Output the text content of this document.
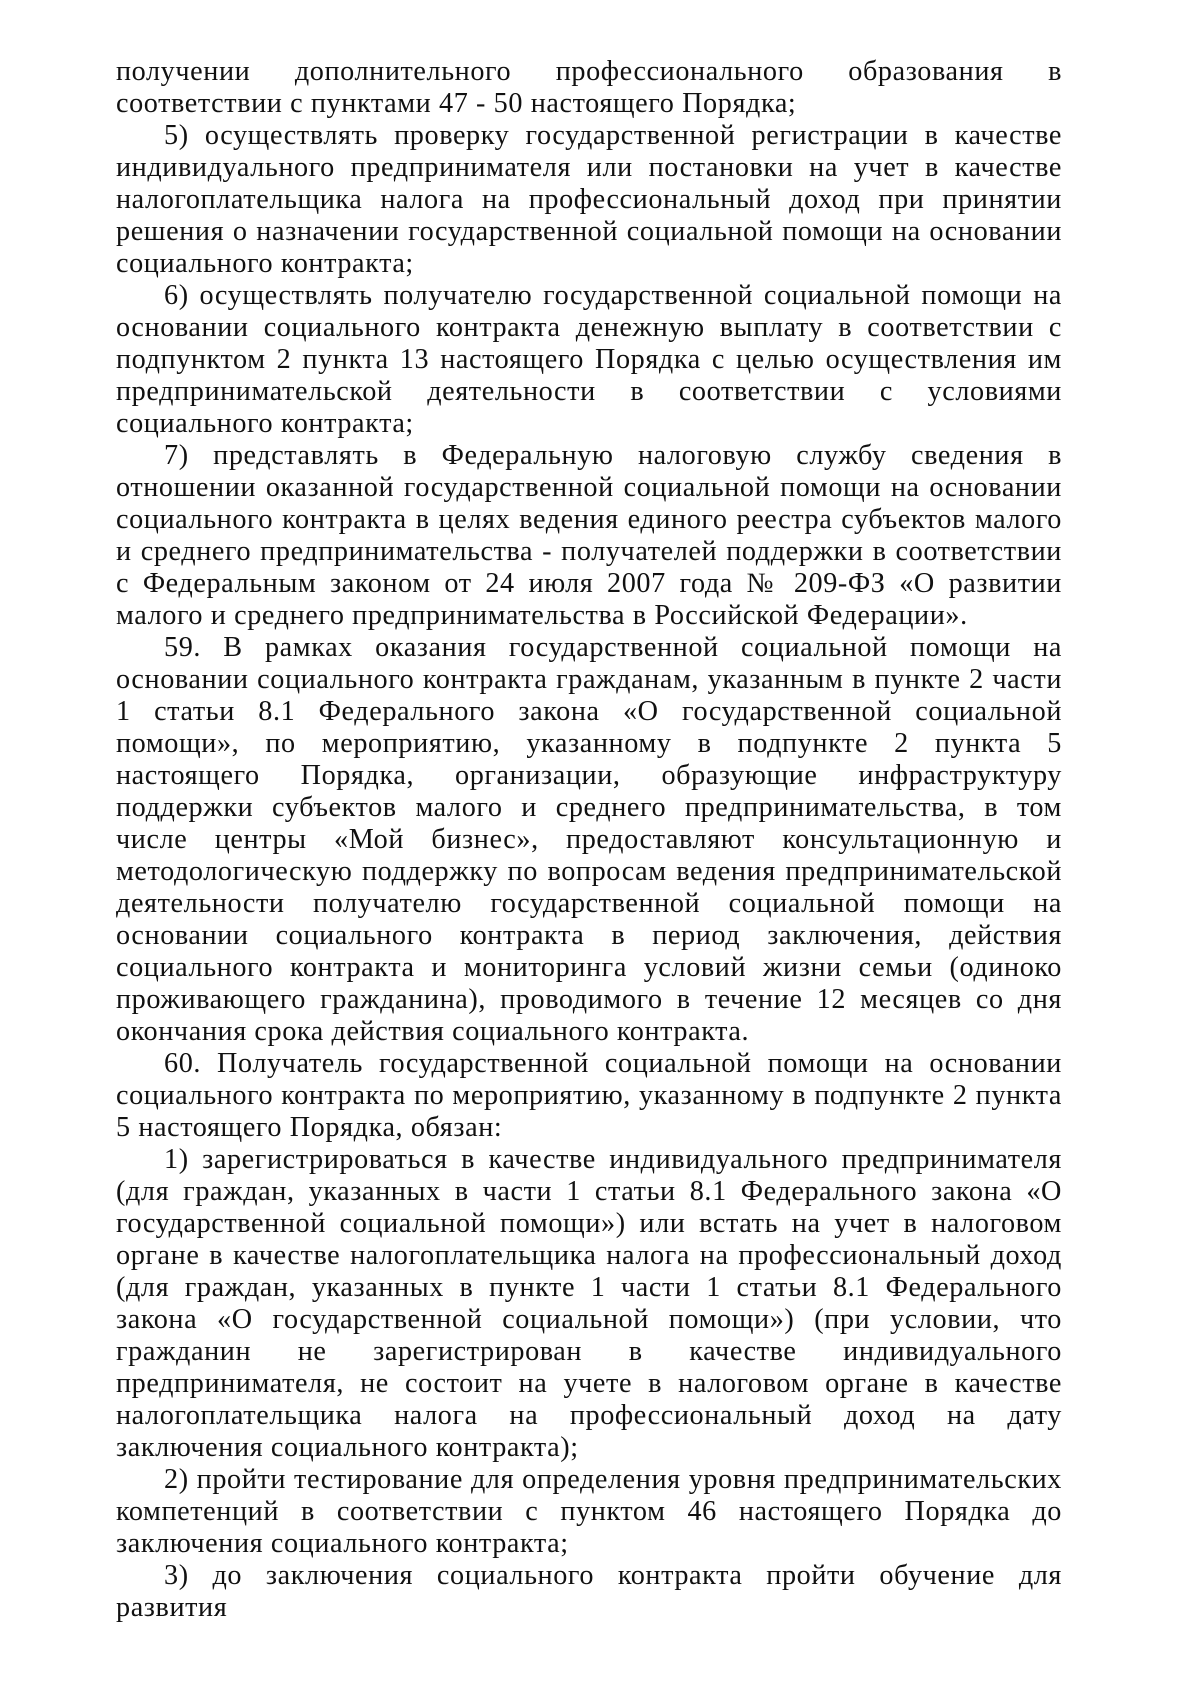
получении дополнительного профессионального образования в соответствии с пунктами 47 - 50 настоящего Порядка;

5) осуществлять проверку государственной регистрации в качестве индивидуального предпринимателя или постановки на учет в качестве налогоплательщика налога на профессиональный доход при принятии решения о назначении государственной социальной помощи на основании социального контракта;

6) осуществлять получателю государственной социальной помощи на основании социального контракта денежную выплату в соответствии с подпунктом 2 пункта 13 настоящего Порядка с целью осуществления им предпринимательской деятельности в соответствии с условиями социального контракта;

7) представлять в Федеральную налоговую службу сведения в отношении оказанной государственной социальной помощи на основании социального контракта в целях ведения единого реестра субъектов малого и среднего предпринимательства - получателей поддержки в соответствии с Федеральным законом от 24 июля 2007 года № 209-ФЗ «О развитии малого и среднего предпринимательства в Российской Федерации».

59. В рамках оказания государственной социальной помощи на основании социального контракта гражданам, указанным в пункте 2 части 1 статьи 8.1 Федерального закона «О государственной социальной помощи», по мероприятию, указанному в подпункте 2 пункта 5 настоящего Порядка, организации, образующие инфраструктуру поддержки субъектов малого и среднего предпринимательства, в том числе центры «Мой бизнес», предоставляют консультационную и методологическую поддержку по вопросам ведения предпринимательской деятельности получателю государственной социальной помощи на основании социального контракта в период заключения, действия социального контракта и мониторинга условий жизни семьи (одиноко проживающего гражданина), проводимого в течение 12 месяцев со дня окончания срока действия социального контракта.

60. Получатель государственной социальной помощи на основании социального контракта по мероприятию, указанному в подпункте 2 пункта 5 настоящего Порядка, обязан:

1) зарегистрироваться в качестве индивидуального предпринимателя (для граждан, указанных в части 1 статьи 8.1 Федерального закона «О государственной социальной помощи») или встать на учет в налоговом органе в качестве налогоплательщика налога на профессиональный доход (для граждан, указанных в пункте 1 части 1 статьи 8.1 Федерального закона «О государственной социальной помощи») (при условии, что гражданин не зарегистрирован в качестве индивидуального предпринимателя, не состоит на учете в налоговом органе в качестве налогоплательщика налога на профессиональный доход на дату заключения социального контракта);

2) пройти тестирование для определения уровня предпринимательских компетенций в соответствии с пунктом 46 настоящего Порядка до заключения социального контракта;

3) до заключения социального контракта пройти обучение для развития
